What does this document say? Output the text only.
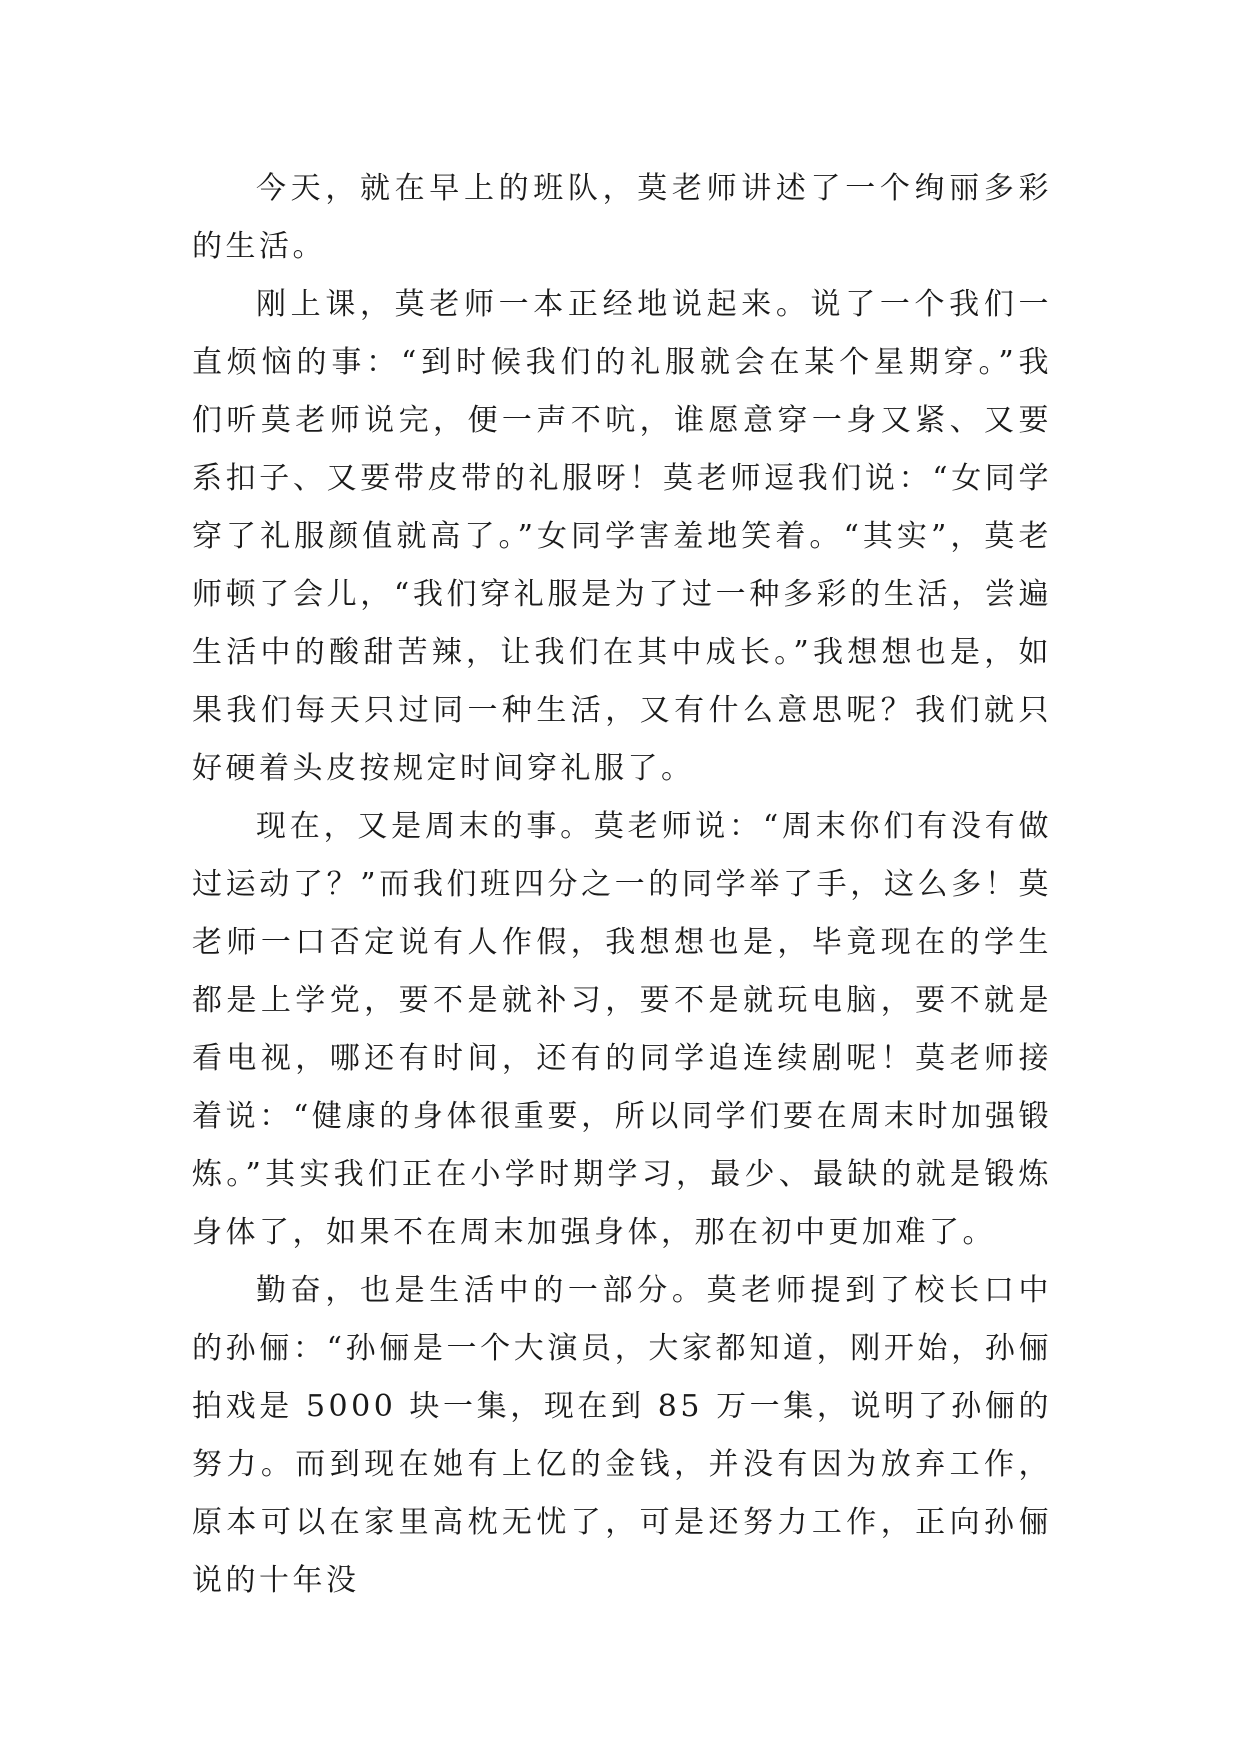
今天，就在早上的班队，莫老师讲述了一个绚丽多彩的生活。

刚上课，莫老师一本正经地说起来。说了一个我们一直烦恼的事：“到时候我们的礼服就会在某个星期穿。”我们听莫老师说完，便一声不吭，谁愿意穿一身又紧、又要系扣子、又要带皮带的礼服呀！莫老师逗我们说：“女同学穿了礼服颜值就高了。”女同学害羞地笑着。“其实”，莫老师顿了会儿，“我们穿礼服是为了过一种多彩的生活，尝遍生活中的酸甜苦辣，让我们在其中成长。”我想想也是，如果我们每天只过同一种生活，又有什么意思呢？我们就只好硬着头皮按规定时间穿礼服了。

现在，又是周末的事。莫老师说：“周末你们有没有做过运动了？”而我们班四分之一的同学举了手，这么多！莫老师一口否定说有人作假，我想想也是，毕竟现在的学生都是上学党，要不是就补习，要不是就玩电脑，要不就是看电视，哪还有时间，还有的同学追连续剧呢！莫老师接着说：“健康的身体很重要，所以同学们要在周末时加强锻炼。”其实我们正在小学时期学习，最少、最缺的就是锻炼身体了，如果不在周末加强身体，那在初中更加难了。

勤奋，也是生活中的一部分。莫老师提到了校长口中的孙俪：“孙俪是一个大演员，大家都知道，刚开始，孙俪拍戏是 5000 块一集，现在到 85 万一集，说明了孙俪的努力。而到现在她有上亿的金钱，并没有因为放弃工作，原本可以在家里高枕无忧了，可是还努力工作，正向孙俪说的十年没
